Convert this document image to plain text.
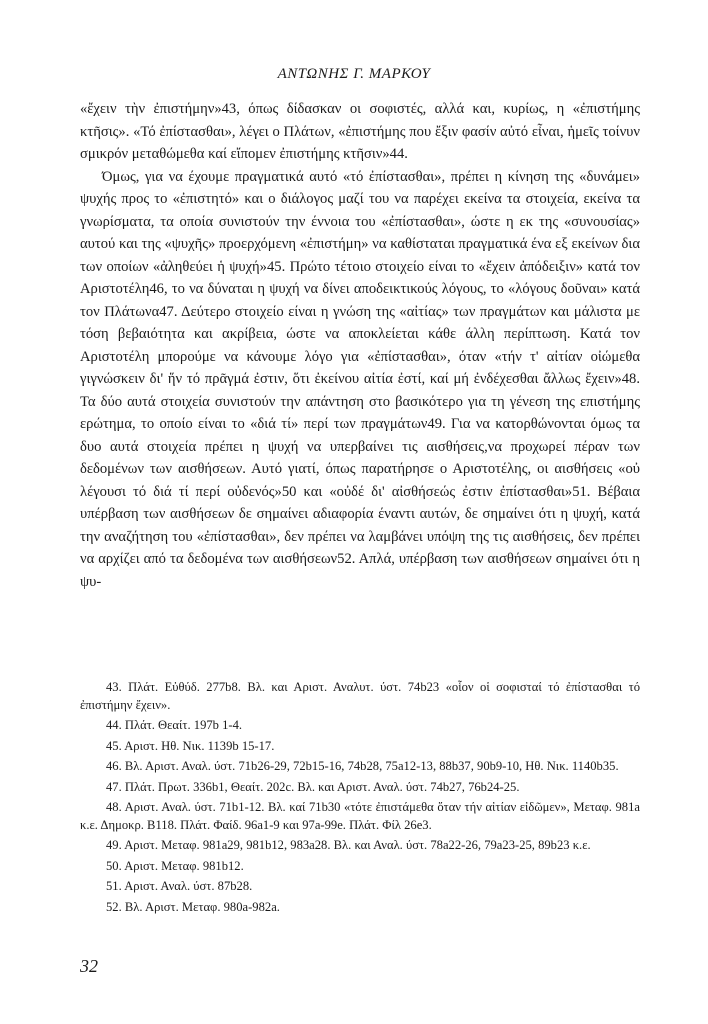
ΑΝΤΩΝΗΣ Γ. ΜΑΡΚΟΥ

«ἔχειν τὴν ἐπιστήμην»43, όπως δίδασκαν οι σοφιστές, αλλά και, κυρίως, η «ἐπιστήμης κτῆσις». «Τό ἐπίστασθαι», λέγει ο Πλάτων, «ἐπιστήμης που ἔξιν φασίν αὐτό εἶναι, ἡμεῖς τοίνυν σμικρόν μεταθώμεθα καί εἴπομεν ἐπιστήμης κτῆσιν»44.

Όμως, για να έχουμε πραγματικά αυτό «τό ἐπίστασθαι», πρέπει η κίνηση της «δυνάμει» ψυχής προς το «ἐπιστητό» και ο διάλογος μαζί του να παρέχει εκείνα τα στοιχεία, εκείνα τα γνωρίσματα, τα οποία συνιστούν την έννοια του «ἐπίστασθαι», ώστε η εκ της «συνουσίας» αυτού και της «ψυχῆς» προερχόμενη «ἐπιστήμη» να καθίσταται πραγματικά ένα εξ εκείνων δια των οποίων «ἀληθεύει ἡ ψυχή»45. Πρώτο τέτοιο στοιχείο είναι το «ἔχειν ἀπόδειξιν» κατά τον Αριστοτέλη46, το να δύναται η ψυχή να δίνει αποδεικτικούς λόγους, το «λόγους δοῦναι» κατά τον Πλάτωνα47. Δεύτερο στοιχείο είναι η γνώση της «αἰτίας» των πραγμάτων και μάλιστα με τόση βεβαιότητα και ακρίβεια, ώστε να αποκλείεται κάθε άλλη περίπτωση. Κατά τον Αριστοτέλη μπορούμε να κάνουμε λόγο για «ἐπίστασθαι», όταν «τήν τ' αἰτίαν οἰώμεθα γιγνώσκειν δι' ἥν τό πρᾶγμά ἐστιν, ὅτι ἐκείνου αἰτία ἐστί, καί μή ἐνδέχεσθαι ἄλλως ἔχειν»48. Τα δύο αυτά στοιχεία συνιστούν την απάντηση στο βασικότερο για τη γένεση της επιστήμης ερώτημα, το οποίο είναι το «διά τί» περί των πραγμάτων49. Για να κατορθώνονται όμως τα δυο αυτά στοιχεία πρέπει η ψυχή να υπερβαίνει τις αισθήσεις,να προχωρεί πέραν των δεδομένων των αισθήσεων. Αυτό γιατί, όπως παρατήρησε ο Αριστοτέλης, οι αισθήσεις «οὐ λέγουσι τό διά τί περί οὐδενός»50 και «οὐδέ δι' αἰσθήσεώς ἐστιν ἐπίστασθαι»51. Βέβαια υπέρβαση των αισθήσεων δε σημαίνει αδιαφορία έναντι αυτών, δε σημαίνει ότι η ψυχή, κατά την αναζήτηση του «ἐπίστασθαι», δεν πρέπει να λαμβάνει υπόψη της τις αισθήσεις, δεν πρέπει να αρχίζει από τα δεδομένα των αισθήσεων52. Απλά, υπέρβαση των αισθήσεων σημαίνει ότι η ψυ-

43. Πλάτ. Εὐθύδ. 277b8. Βλ. και Αριστ. Αναλυτ. ύστ. 74b23 «οἷον οἱ σοφισταί τό ἐπίστασθαι τό ἐπιστήμην ἔχειν».

44. Πλάτ. Θεαίτ. 197b 1-4.

45. Αριστ. Ηθ. Νικ. 1139b 15-17.

46. Βλ. Αριστ. Αναλ. ύστ. 71b26-29, 72b15-16, 74b28, 75a12-13, 88b37, 90b9-10, Ηθ. Νικ. 1140b35.

47. Πλάτ. Πρωτ. 336b1, Θεαίτ. 202c. Βλ. και Αριστ. Αναλ. ύστ. 74b27, 76b24-25.

48. Αριστ. Αναλ. ύστ. 71b1-12. Βλ. καί 71b30 «τότε ἐπιστάμεθα ὅταν τήν αἰτίαν εἰδῶμεν», Μεταφ. 981a κ.ε. Δημοκρ. Β118. Πλάτ. Φαίδ. 96a1-9 και 97a-99e. Πλάτ. Φίλ 26e3.

49. Αριστ. Μεταφ. 981a29, 981b12, 983a28. Βλ. και Αναλ. ύστ. 78a22-26, 79a23-25, 89b23 κ.ε.

50. Αριστ. Μεταφ. 981b12.

51. Αριστ. Αναλ. ύστ. 87b28.

52. Βλ. Αριστ. Μεταφ. 980a-982a.

32
